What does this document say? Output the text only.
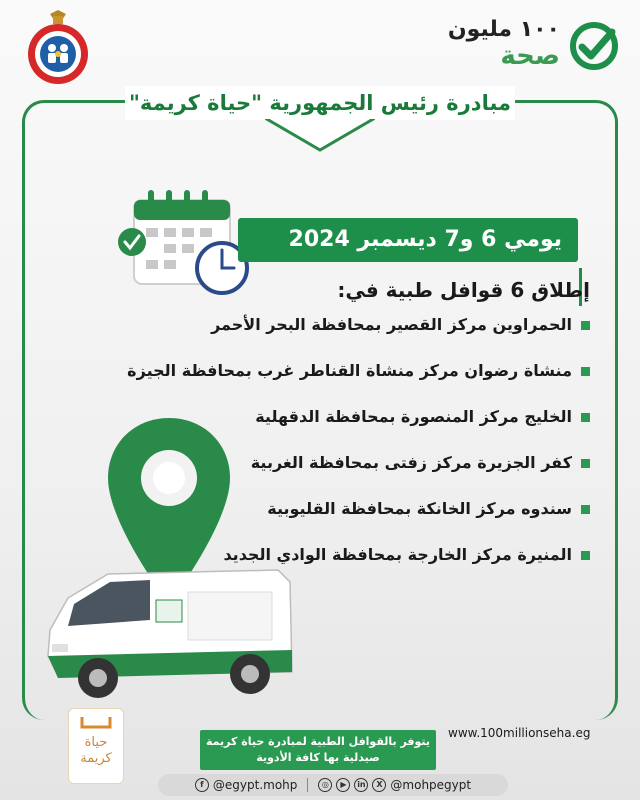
١٠٠ مليون
صحة
مبادرة رئيس الجمهورية "حياة كريمة"
يومي 6 و7 ديسمبر 2024
إطلاق 6 قوافل طبية في:
الحمراوين مركز القصير بمحافظة البحر الأحمر
منشاة رضوان مركز منشاة القناطر غرب بمحافظة الجيزة
الخليج مركز المنصورة بمحافظة الدقهلية
كفر الجزيرة مركز زفتى بمحافظة الغربية
سندوه مركز الخانكة بمحافظة القليوبية
المنيرة مركز الخارجة بمحافظة الوادي الجديد
حياة كريمة
يتوفر بالقوافل الطبية لمبادرة حياة كريمة
صيدلية بها كافة الأدوية
www.100millionseha.eg
f @egypt.mohp	◎	▶	in	X @mohpegypt
